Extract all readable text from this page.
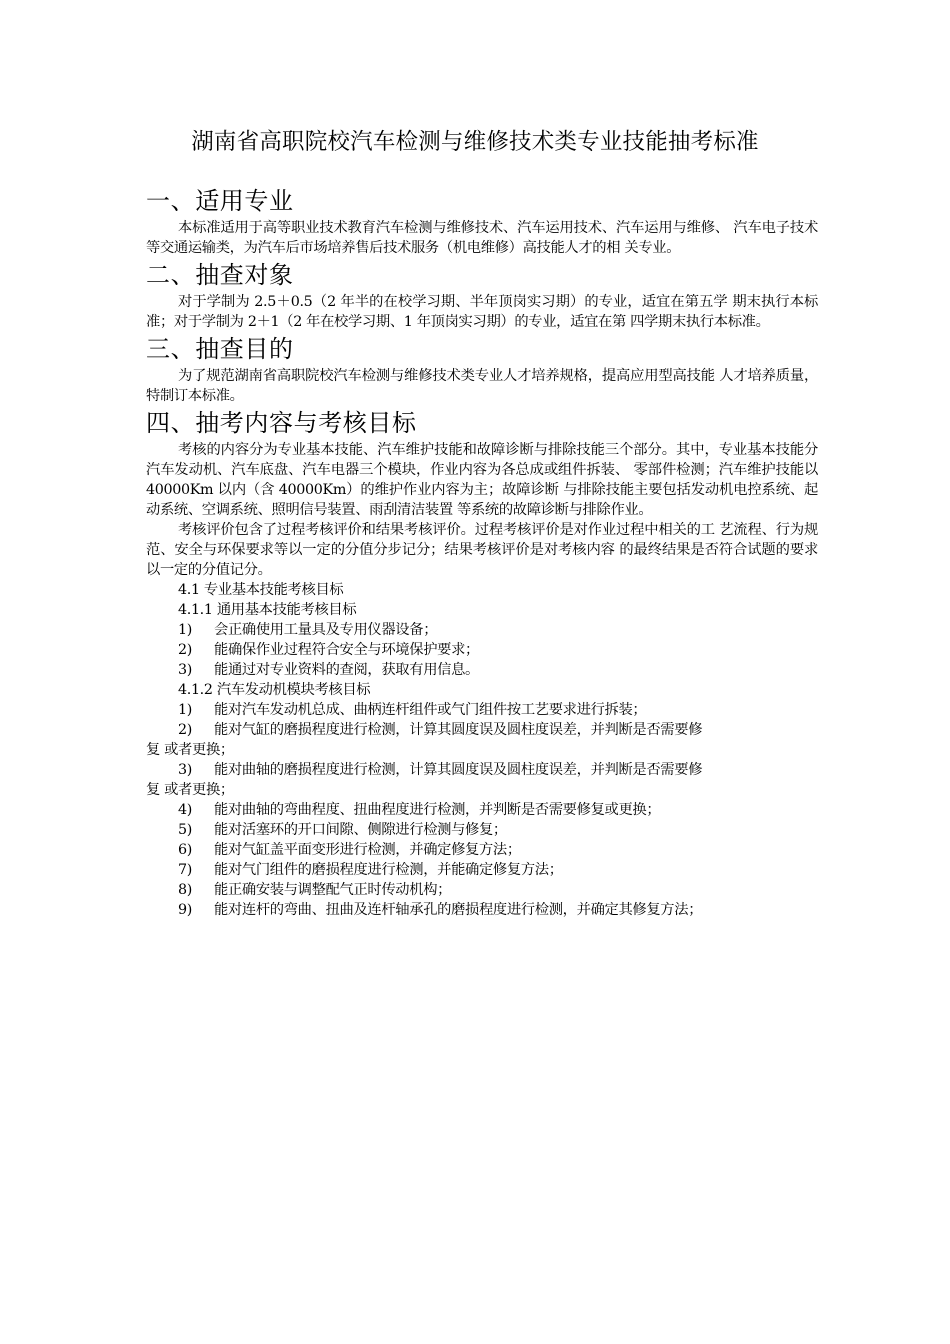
湖南省高职院校汽车检测与维修技术类专业技能抽考标准
一、适用专业

本标准适用于高等职业技术教育汽车检测与维修技术、汽车运用技术、汽车运用与维修、 汽车电子技术等交通运输类，为汽车后市场培养售后技术服务（机电维修）高技能人才的相 关专业。

二、抽查对象

对于学制为 2.5＋0.5（2 年半的在校学习期、半年顶岗实习期）的专业，适宜在第五学 期末执行本标准；对于学制为 2＋1（2 年在校学习期、1 年顶岗实习期）的专业，适宜在第 四学期末执行本标准。

三、抽查目的

为了规范湖南省高职院校汽车检测与维修技术类专业人才培养规格，提高应用型高技能 人才培养质量，特制订本标准。

四、抽考内容与考核目标

考核的内容分为专业基本技能、汽车维护技能和故障诊断与排除技能三个部分。其中，专业基本技能分汽车发动机、汽车底盘、汽车电器三个模块，作业内容为各总成或组件拆装、 零部件检测；汽车维护技能以 40000Km 以内（含 40000Km）的维护作业内容为主；故障诊断 与排除技能主要包括发动机电控系统、起动系统、空调系统、照明信号装置、雨刮清洁装置 等系统的故障诊断与排除作业。

考核评价包含了过程考核评价和结果考核评价。过程考核评价是对作业过程中相关的工 艺流程、行为规范、安全与环保要求等以一定的分值分步记分；结果考核评价是对考核内容 的最终结果是否符合试题的要求以一定的分值记分。

4.1 专业基本技能考核目标
4.1.1 通用基本技能考核目标
1) 会正确使用工量具及专用仪器设备；
2) 能确保作业过程符合安全与环境保护要求；
3) 能通过对专业资料的查阅，获取有用信息。
4.1.2 汽车发动机模块考核目标
1) 能对汽车发动机总成、曲柄连杆组件或气门组件按工艺要求进行拆装；
2) 能对气缸的磨损程度进行检测，计算其圆度误及圆柱度误差，并判断是否需要修
复 或者更换；
3) 能对曲轴的磨损程度进行检测，计算其圆度误及圆柱度误差，并判断是否需要修
复 或者更换；
4) 能对曲轴的弯曲程度、扭曲程度进行检测，并判断是否需要修复或更换；
5) 能对活塞环的开口间隙、侧隙进行检测与修复；
6) 能对气缸盖平面变形进行检测，并确定修复方法；
7) 能对气门组件的磨损程度进行检测，并能确定修复方法；
8) 能正确安装与调整配气正时传动机构；
9) 能对连杆的弯曲、扭曲及连杆轴承孔的磨损程度进行检测，并确定其修复方法；
